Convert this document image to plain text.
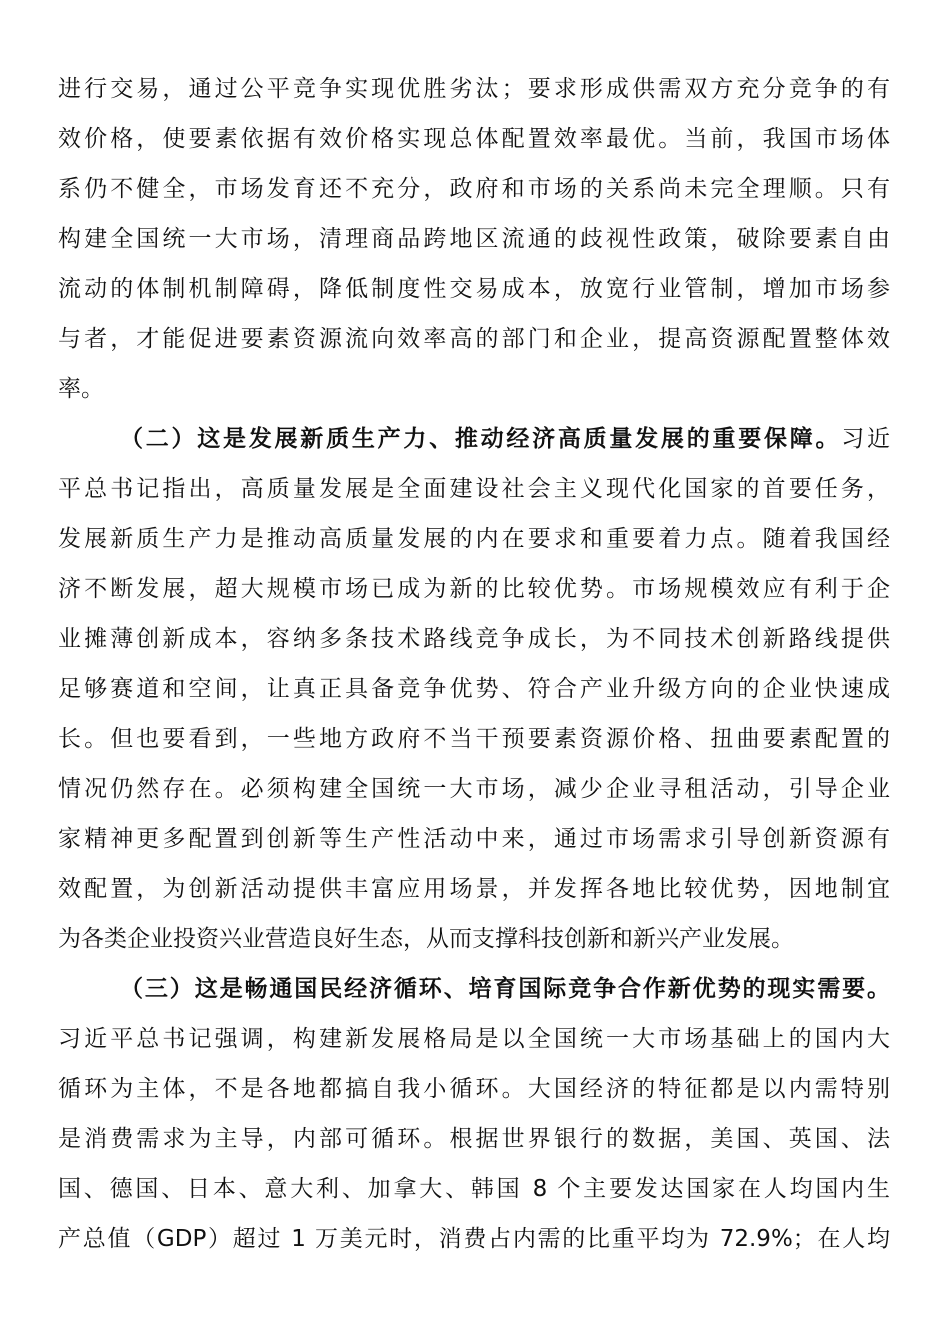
进行交易，通过公平竞争实现优胜劣汰；要求形成供需双方充分竞争的有
效价格，使要素依据有效价格实现总体配置效率最优。当前，我国市场体
系仍不健全，市场发育还不充分，政府和市场的关系尚未完全理顺。只有
构建全国统一大市场，清理商品跨地区流通的歧视性政策，破除要素自由
流动的体制机制障碍，降低制度性交易成本，放宽行业管制，增加市场参
与者，才能促进要素资源流向效率高的部门和企业，提高资源配置整体效
率。
（二）这是发展新质生产力、推动经济高质量发展的重要保障。习近
平总书记指出，高质量发展是全面建设社会主义现代化国家的首要任务，
发展新质生产力是推动高质量发展的内在要求和重要着力点。随着我国经
济不断发展，超大规模市场已成为新的比较优势。市场规模效应有利于企
业摊薄创新成本，容纳多条技术路线竞争成长，为不同技术创新路线提供
足够赛道和空间，让真正具备竞争优势、符合产业升级方向的企业快速成
长。但也要看到，一些地方政府不当干预要素资源价格、扭曲要素配置的
情况仍然存在。必须构建全国统一大市场，减少企业寻租活动，引导企业
家精神更多配置到创新等生产性活动中来，通过市场需求引导创新资源有
效配置，为创新活动提供丰富应用场景，并发挥各地比较优势，因地制宜
为各类企业投资兴业营造良好生态，从而支撑科技创新和新兴产业发展。
（三）这是畅通国民经济循环、培育国际竞争合作新优势的现实需要。
习近平总书记强调，构建新发展格局是以全国统一大市场基础上的国内大
循环为主体，不是各地都搞自我小循环。大国经济的特征都是以内需特别
是消费需求为主导，内部可循环。根据世界银行的数据，美国、英国、法
国、德国、日本、意大利、加拿大、韩国 8 个主要发达国家在人均国内生
产总值（GDP）超过 1 万美元时，消费占内需的比重平均为 72.9%；在人均
